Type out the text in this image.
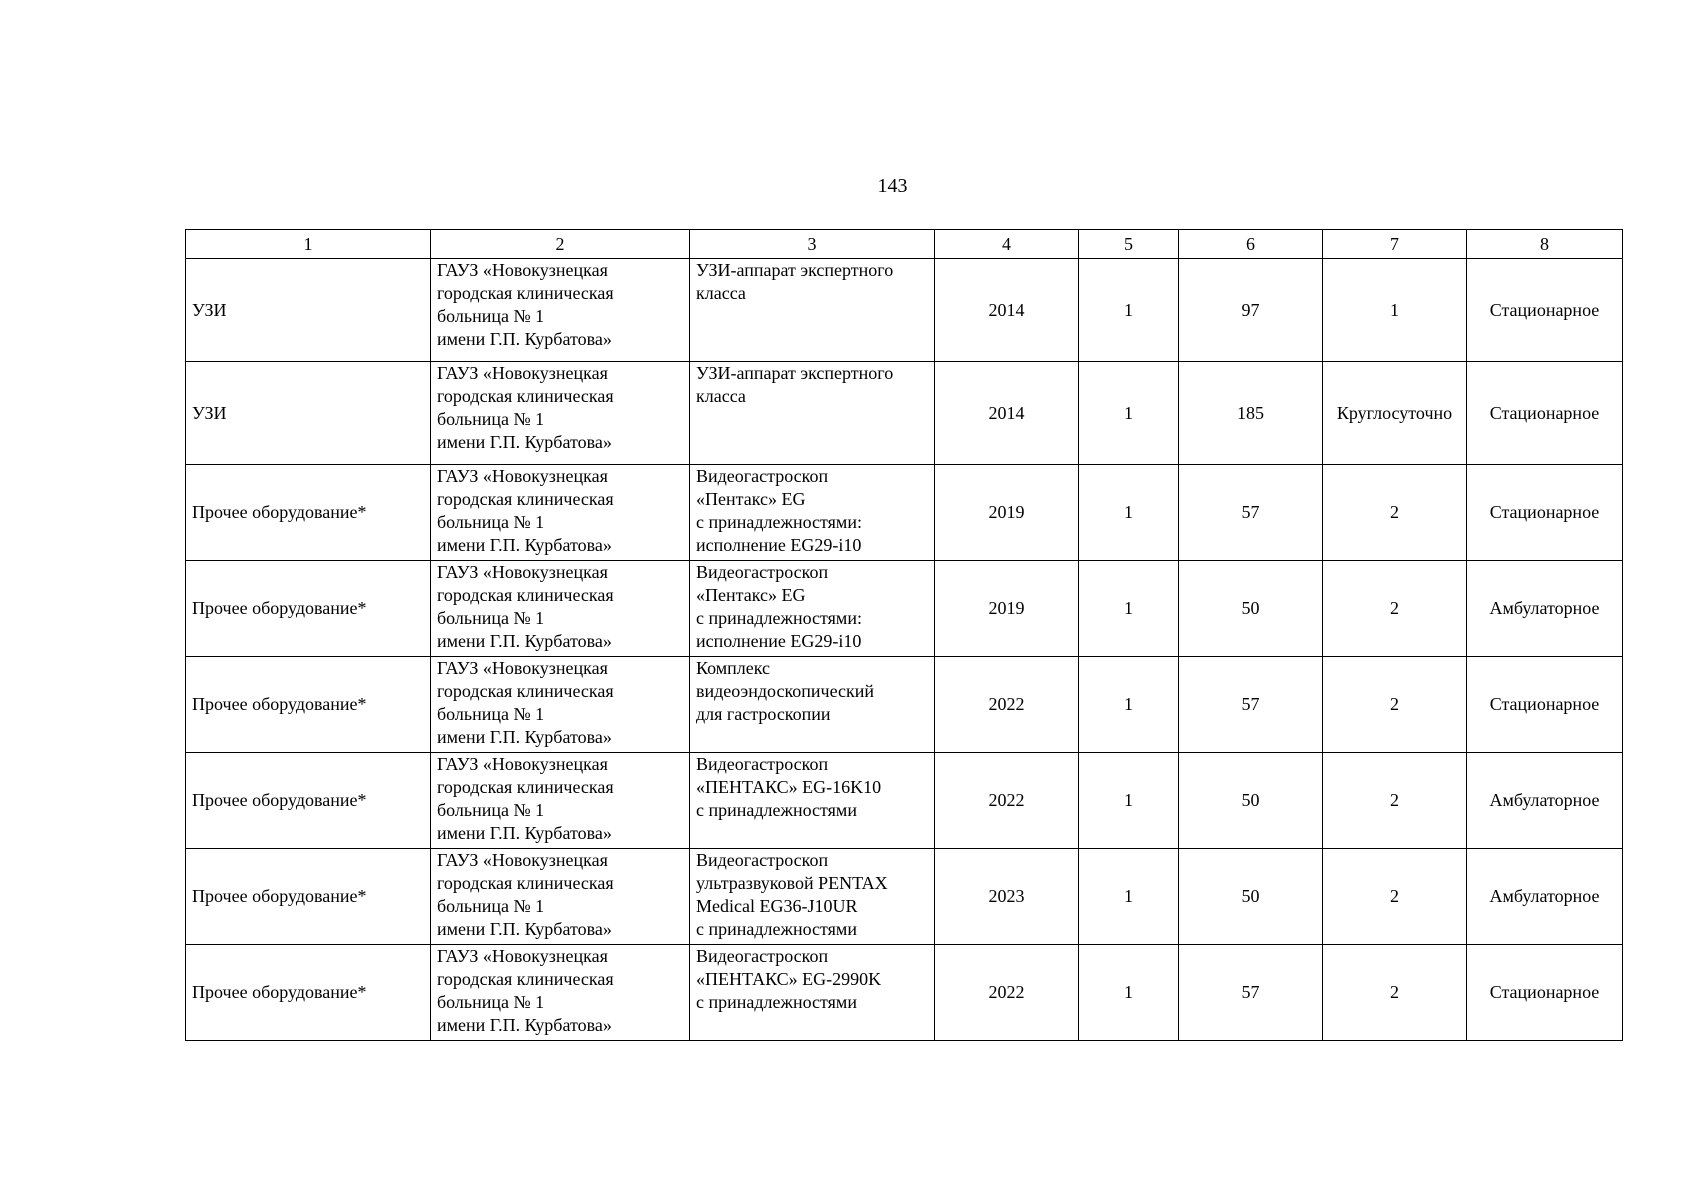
143
1	2	3	4	5	6	7	8
УЗИ	ГАУЗ «Новокузнецкая
городская клиническая
больница № 1
имени Г.П. Курбатова»	УЗИ-аппарат экспертного
класса	2014	1	97	1	Стационарное
УЗИ	ГАУЗ «Новокузнецкая
городская клиническая
больница № 1
имени Г.П. Курбатова»	УЗИ-аппарат экспертного
класса	2014	1	185	Круглосуточно	Стационарное
Прочее оборудование*	ГАУЗ «Новокузнецкая
городская клиническая
больница № 1
имени Г.П. Курбатова»	Видеогастроскоп
«Пентакс» EG
с принадлежностями:
исполнение EG29-i10	2019	1	57	2	Стационарное
Прочее оборудование*	ГАУЗ «Новокузнецкая
городская клиническая
больница № 1
имени Г.П. Курбатова»	Видеогастроскоп
«Пентакс» EG
с принадлежностями:
исполнение EG29-i10	2019	1	50	2	Амбулаторное
Прочее оборудование*	ГАУЗ «Новокузнецкая
городская клиническая
больница № 1
имени Г.П. Курбатова»	Комплекс
видеоэндоскопический
для гастроскопии	2022	1	57	2	Стационарное
Прочее оборудование*	ГАУЗ «Новокузнецкая
городская клиническая
больница № 1
имени Г.П. Курбатова»	Видеогастроскоп
«ПЕНТАКС» EG-16K10
с принадлежностями	2022	1	50	2	Амбулаторное
Прочее оборудование*	ГАУЗ «Новокузнецкая
городская клиническая
больница № 1
имени Г.П. Курбатова»	Видеогастроскоп
ультразвуковой PENTAX
Medical EG36-J10UR
с принадлежностями	2023	1	50	2	Амбулаторное
Прочее оборудование*	ГАУЗ «Новокузнецкая
городская клиническая
больница № 1
имени Г.П. Курбатова»	Видеогастроскоп
«ПЕНТАКС» EG-2990K
с принадлежностями	2022	1	57	2	Стационарное
